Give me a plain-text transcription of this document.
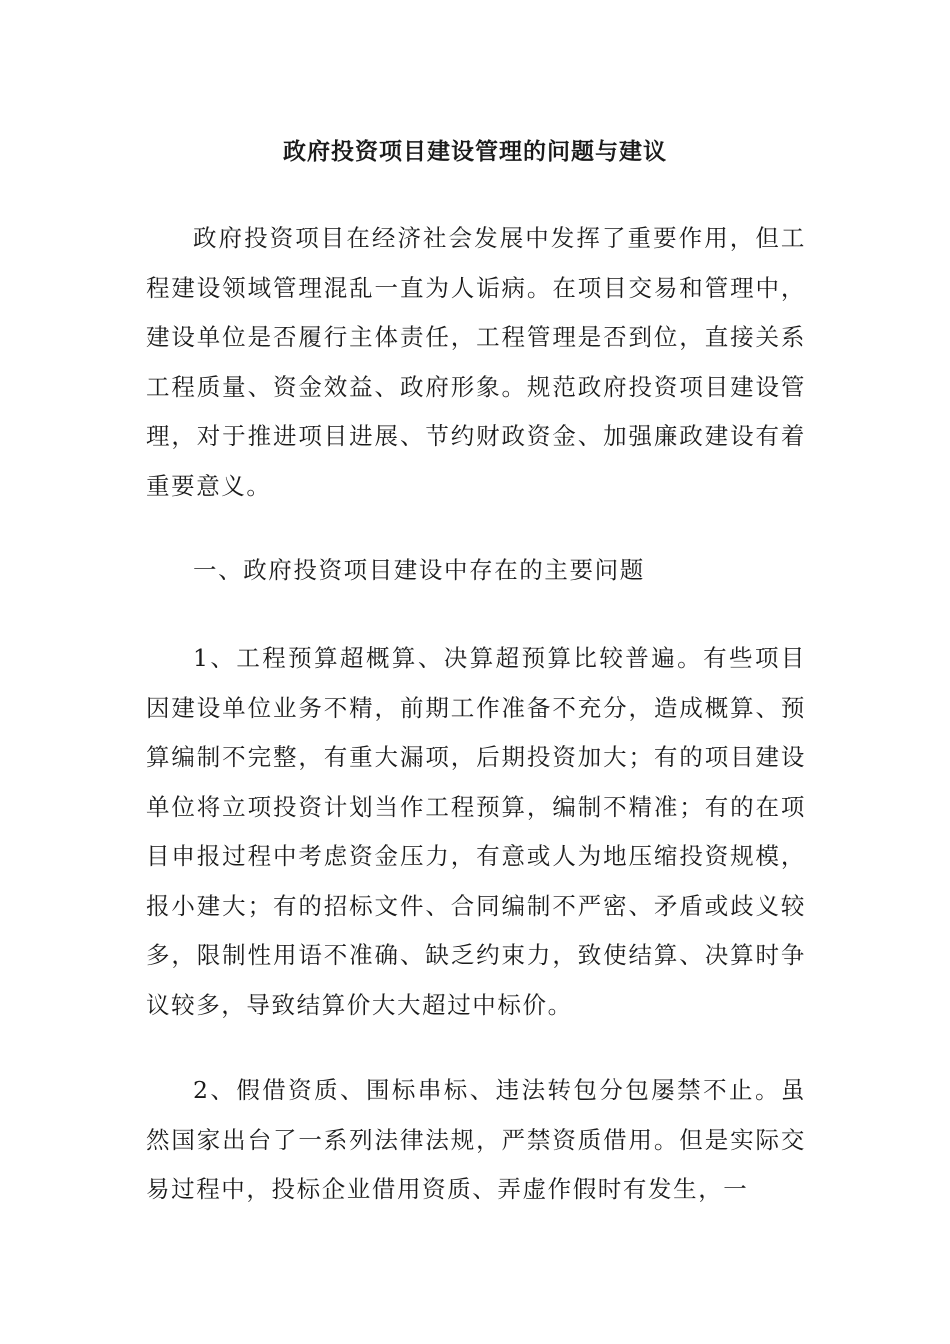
政府投资项目建设管理的问题与建议

政府投资项目在经济社会发展中发挥了重要作用，但工程建设领域管理混乱一直为人诟病。在项目交易和管理中，建设单位是否履行主体责任，工程管理是否到位，直接关系工程质量、资金效益、政府形象。规范政府投资项目建设管理，对于推进项目进展、节约财政资金、加强廉政建设有着重要意义。

一、政府投资项目建设中存在的主要问题

1、工程预算超概算、决算超预算比较普遍。有些项目因建设单位业务不精，前期工作准备不充分，造成概算、预算编制不完整，有重大漏项，后期投资加大；有的项目建设单位将立项投资计划当作工程预算，编制不精准；有的在项目申报过程中考虑资金压力，有意或人为地压缩投资规模，报小建大；有的招标文件、合同编制不严密、矛盾或歧义较多，限制性用语不准确、缺乏约束力，致使结算、决算时争议较多，导致结算价大大超过中标价。

2、假借资质、围标串标、违法转包分包屡禁不止。虽然国家出台了一系列法律法规，严禁资质借用。但是实际交易过程中，投标企业借用资质、弄虚作假时有发生，一
